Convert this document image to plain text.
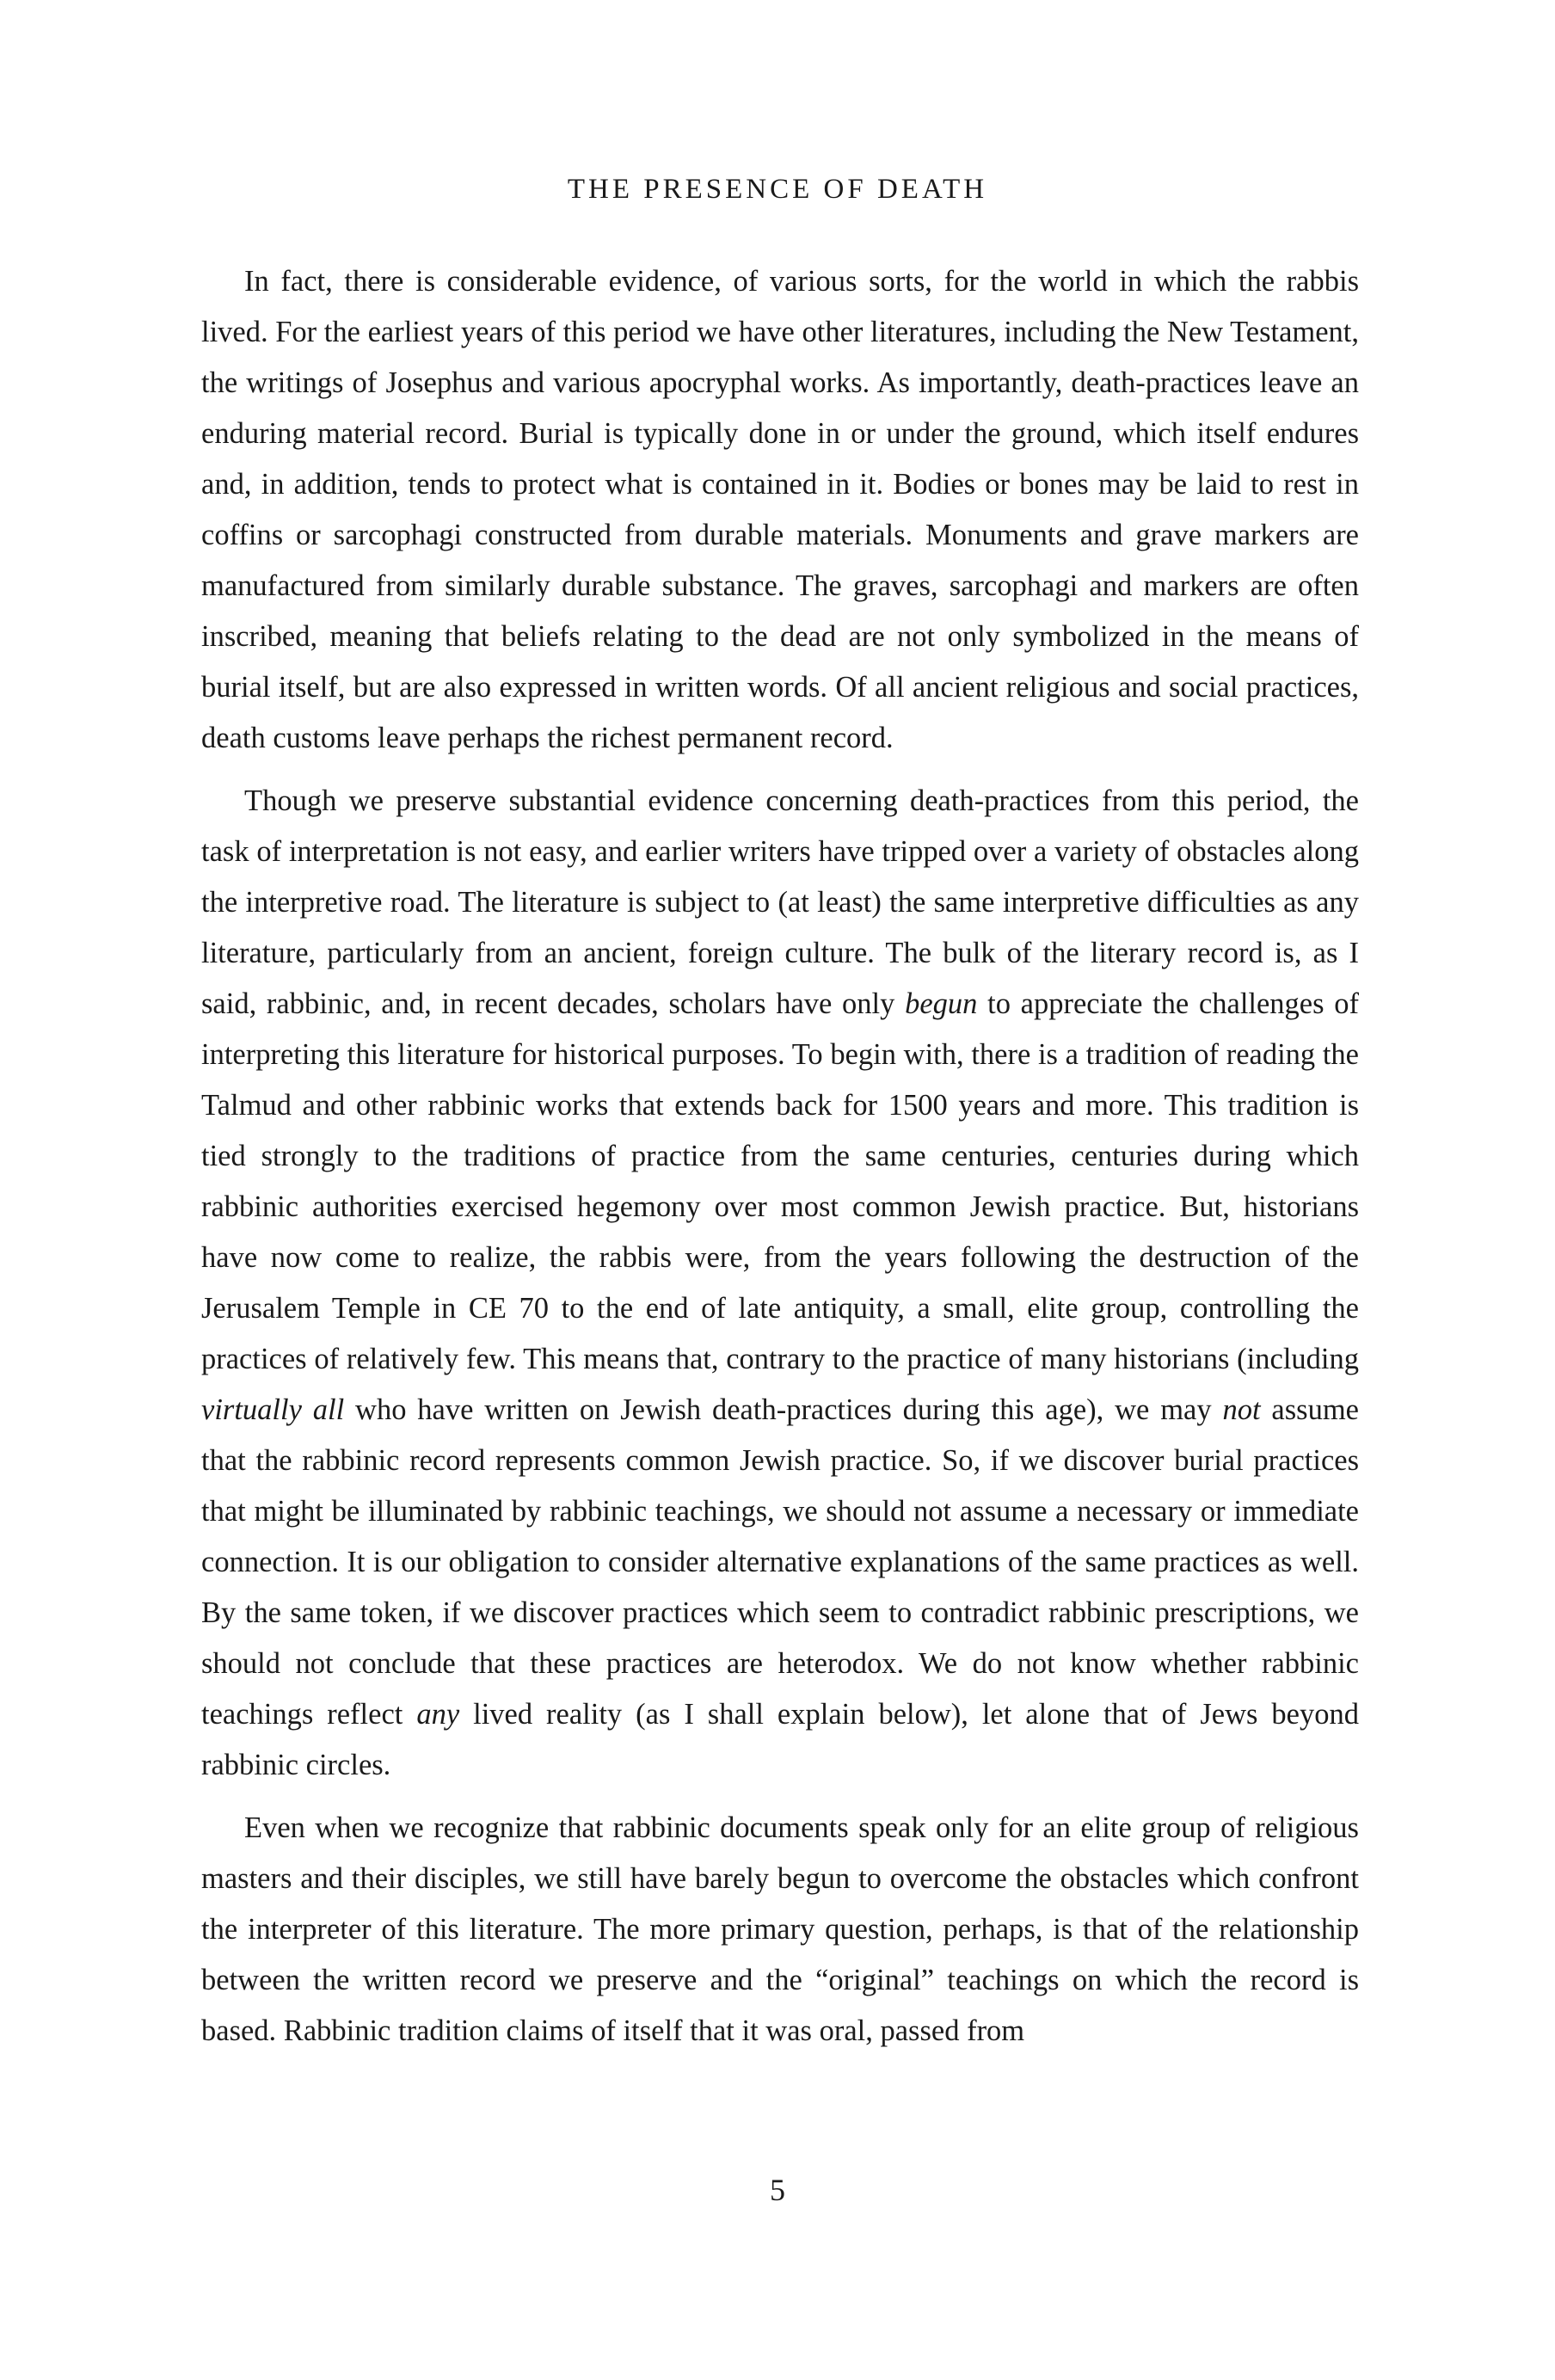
THE PRESENCE OF DEATH

In fact, there is considerable evidence, of various sorts, for the world in which the rabbis lived. For the earliest years of this period we have other literatures, including the New Testament, the writings of Josephus and various apocryphal works. As importantly, death-practices leave an enduring material record. Burial is typically done in or under the ground, which itself endures and, in addition, tends to protect what is contained in it. Bodies or bones may be laid to rest in coffins or sarcophagi constructed from durable materials. Monuments and grave markers are manufactured from similarly durable substance. The graves, sarcophagi and markers are often inscribed, meaning that beliefs relating to the dead are not only symbolized in the means of burial itself, but are also expressed in written words. Of all ancient religious and social practices, death customs leave perhaps the richest permanent record.

Though we preserve substantial evidence concerning death-practices from this period, the task of interpretation is not easy, and earlier writers have tripped over a variety of obstacles along the interpretive road. The literature is subject to (at least) the same interpretive difficulties as any literature, particularly from an ancient, foreign culture. The bulk of the literary record is, as I said, rabbinic, and, in recent decades, scholars have only begun to appreciate the challenges of interpreting this literature for historical purposes. To begin with, there is a tradition of reading the Talmud and other rabbinic works that extends back for 1500 years and more. This tradition is tied strongly to the traditions of practice from the same centuries, centuries during which rabbinic authorities exercised hegemony over most common Jewish practice. But, historians have now come to realize, the rabbis were, from the years following the destruction of the Jerusalem Temple in CE 70 to the end of late antiquity, a small, elite group, controlling the practices of relatively few. This means that, contrary to the practice of many historians (including virtually all who have written on Jewish death-practices during this age), we may not assume that the rabbinic record represents common Jewish practice. So, if we discover burial practices that might be illuminated by rabbinic teachings, we should not assume a necessary or immediate connection. It is our obligation to consider alternative explanations of the same practices as well. By the same token, if we discover practices which seem to contradict rabbinic prescriptions, we should not conclude that these practices are heterodox. We do not know whether rabbinic teachings reflect any lived reality (as I shall explain below), let alone that of Jews beyond rabbinic circles.

Even when we recognize that rabbinic documents speak only for an elite group of religious masters and their disciples, we still have barely begun to overcome the obstacles which confront the interpreter of this literature. The more primary question, perhaps, is that of the relationship between the written record we preserve and the “original” teachings on which the record is based. Rabbinic tradition claims of itself that it was oral, passed from

5
